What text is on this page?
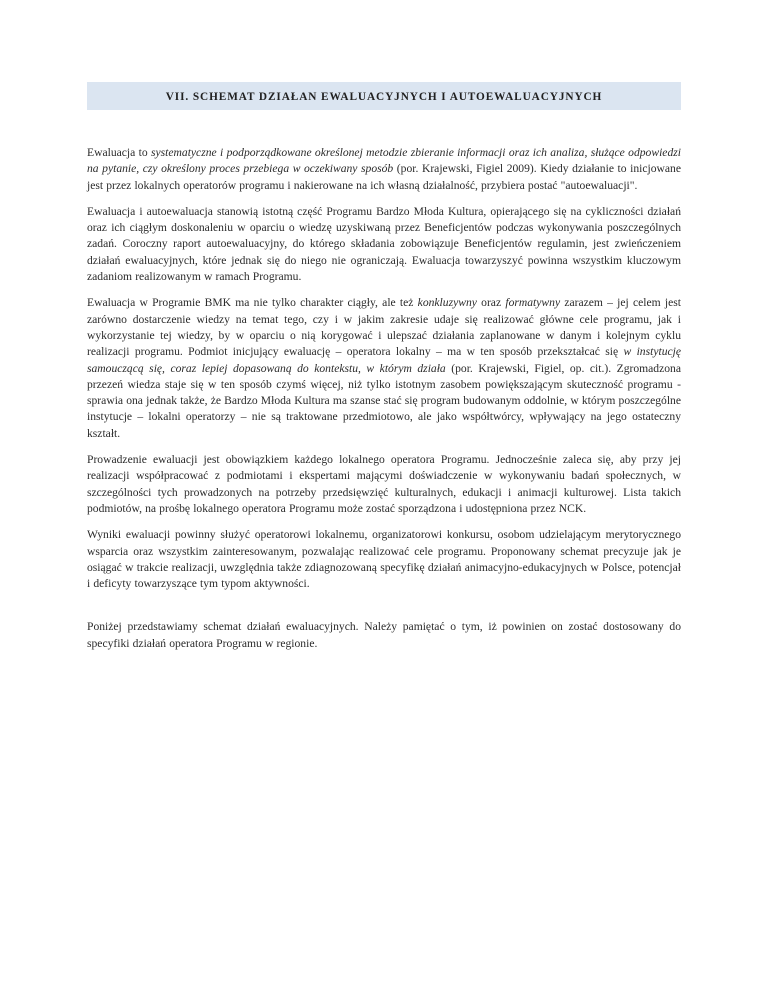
VII. SCHEMAT DZIAŁAN EWALUACYJNYCH I AUTOEWALUACYJNYCH

Ewaluacja to systematyczne i podporządkowane określonej metodzie zbieranie informacji oraz ich analiza, służące odpowiedzi na pytanie, czy określony proces przebiega w oczekiwany sposób (por. Krajewski, Figiel 2009). Kiedy działanie to inicjowane jest przez lokalnych operatorów programu i nakierowane na ich własną działalność, przybiera postać "autoewaluacji".

Ewaluacja i autoewaluacja stanowią istotną część Programu Bardzo Młoda Kultura, opierającego się na cykliczności działań oraz ich ciągłym doskonaleniu w oparciu o wiedzę uzyskiwaną przez Beneficjentów podczas wykonywania poszczególnych zadań. Coroczny raport autoewaluacyjny, do którego składania zobowiązuje Beneficjentów regulamin, jest zwieńczeniem działań ewaluacyjnych, które jednak się do niego nie ograniczają. Ewaluacja towarzyszyć powinna wszystkim kluczowym zadaniom realizowanym w ramach Programu.

Ewaluacja w Programie BMK ma nie tylko charakter ciągły, ale też konkluzywny oraz formatywny zarazem – jej celem jest zarówno dostarczenie wiedzy na temat tego, czy i w jakim zakresie udaje się realizować główne cele programu, jak i wykorzystanie tej wiedzy, by w oparciu o nią korygować i ulepszać działania zaplanowane w danym i kolejnym cyklu realizacji programu. Podmiot inicjujący ewaluację – operatora lokalny – ma w ten sposób przekształcać się w instytucję samouczącą się, coraz lepiej dopasowaną do kontekstu, w którym działa (por. Krajewski, Figiel, op. cit.). Zgromadzona przezeń wiedza staje się w ten sposób czymś więcej, niż tylko istotnym zasobem powiększającym skuteczność programu - sprawia ona jednak także, że Bardzo Młoda Kultura ma szanse stać się program budowanym oddolnie, w którym poszczególne instytucje – lokalni operatorzy – nie są traktowane przedmiotowo, ale jako współtwórcy, wpływający na jego ostateczny kształt.

Prowadzenie ewaluacji jest obowiązkiem każdego lokalnego operatora Programu. Jednocześnie zaleca się, aby przy jej realizacji współpracować z podmiotami i ekspertami mającymi doświadczenie w wykonywaniu badań społecznych, w szczególności tych prowadzonych na potrzeby przedsięwzięć kulturalnych, edukacji i animacji kulturowej. Lista takich podmiotów, na prośbę lokalnego operatora Programu może zostać sporządzona i udostępniona przez NCK.

Wyniki ewaluacji powinny służyć operatorowi lokalnemu, organizatorowi konkursu, osobom udzielającym merytorycznego wsparcia oraz wszystkim zainteresowanym, pozwalając realizować cele programu. Proponowany schemat precyzuje jak je osiągać w trakcie realizacji, uwzględnia także zdiagnozowaną specyfikę działań animacyjno-edukacyjnych w Polsce, potencjał i deficyty towarzyszące tym typom aktywności.

Poniżej przedstawiamy schemat działań ewaluacyjnych. Należy pamiętać o tym, iż powinien on zostać dostosowany do specyfiki działań operatora Programu w regionie.
